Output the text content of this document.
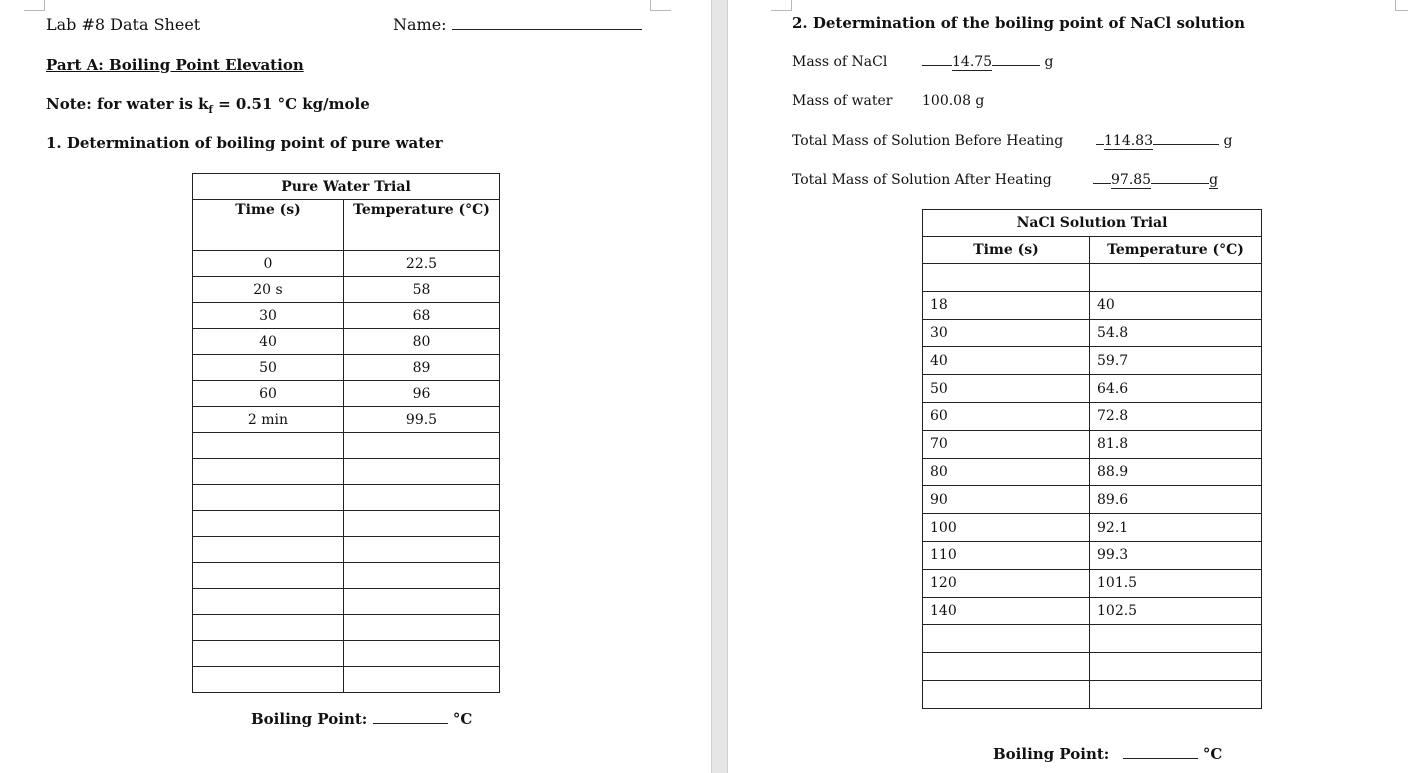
Lab #8 Data Sheet	Name:
Part A: Boiling Point Elevation
Note: for water is $k_f = 0.51$ °C kg/mole
1. Determination of boiling point of pure water
Pure Water Trial	
Time (s)	Temperature (°C)
0	22.5
20 s	58
30	68
40	80
50	89
60	96
2 min	99.5

Boiling Point:	°C
2. Determination of the boiling point of NaCl solution
Mass of NaCl	14.75	g
Mass of water 100.08 g
Total Mass of Solution Before Heating	114.83	g
Total Mass of Solution After Heating	97.85	g
NaCl Solution Trial	
Time (s)	Temperature (°C)

18	40
30	54.8
40	59.7
50	64.6
60	72.8
70	81.8
80	88.9
90	89.6
100	92.1
110	99.3
120	101.5
140	102.5

Boiling Point:	°C
